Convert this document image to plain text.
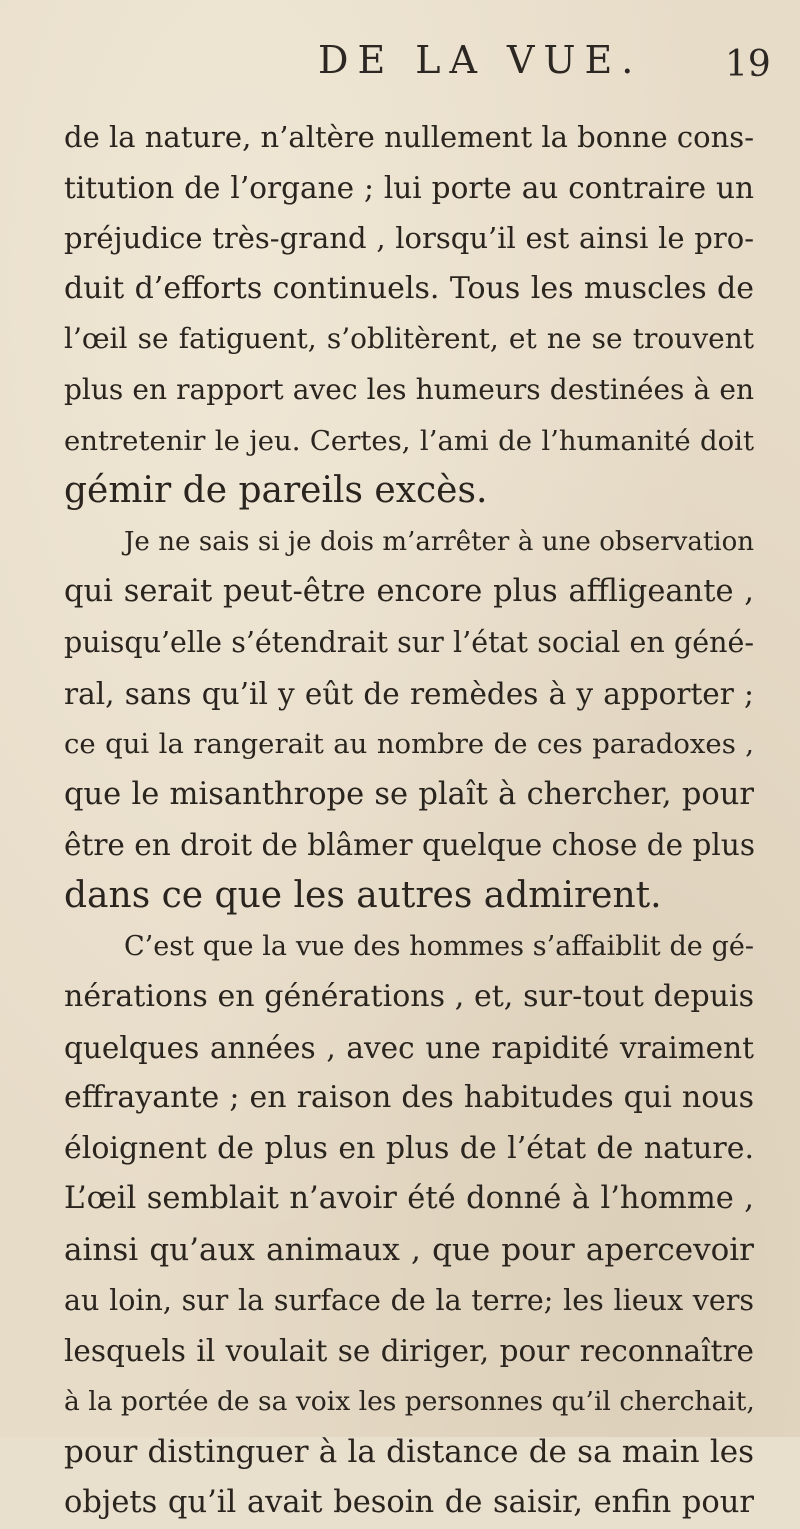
DE LA VUE. 19
de la nature, n’altère nullement la bonne cons-
titution de l’organe ; lui porte au contraire un
préjudice très-grand , lorsqu’il est ainsi le pro-
duit d’efforts continuels. Tous les muscles de
l’œil se fatiguent, s’oblitèrent, et ne se trouvent
plus en rapport avec les humeurs destinées à en
entretenir le jeu. Certes, l’ami de l’humanité doit
gémir de pareils excès.
Je ne sais si je dois m’arrêter à une observation
qui serait peut-être encore plus affligeante ,
puisqu’elle s’étendrait sur l’état social en géné-
ral, sans qu’il y eût de remèdes à y apporter ;
ce qui la rangerait au nombre de ces paradoxes ,
que le misanthrope se plaît à chercher, pour
être en droit de blâmer quelque chose de plus
dans ce que les autres admirent.
C’est que la vue des hommes s’affaiblit de gé-
nérations en générations , et, sur-tout depuis
quelques années , avec une rapidité vraiment
effrayante ; en raison des habitudes qui nous
éloignent de plus en plus de l’état de nature.
L’œil semblait n’avoir été donné à l’homme ,
ainsi qu’aux animaux , que pour apercevoir
au loin, sur la surface de la terre; les lieux vers
lesquels il voulait se diriger, pour reconnaître
à la portée de sa voix les personnes qu’il cherchait,
pour distinguer à la distance de sa main les
objets qu’il avait besoin de saisir, enfin pour
